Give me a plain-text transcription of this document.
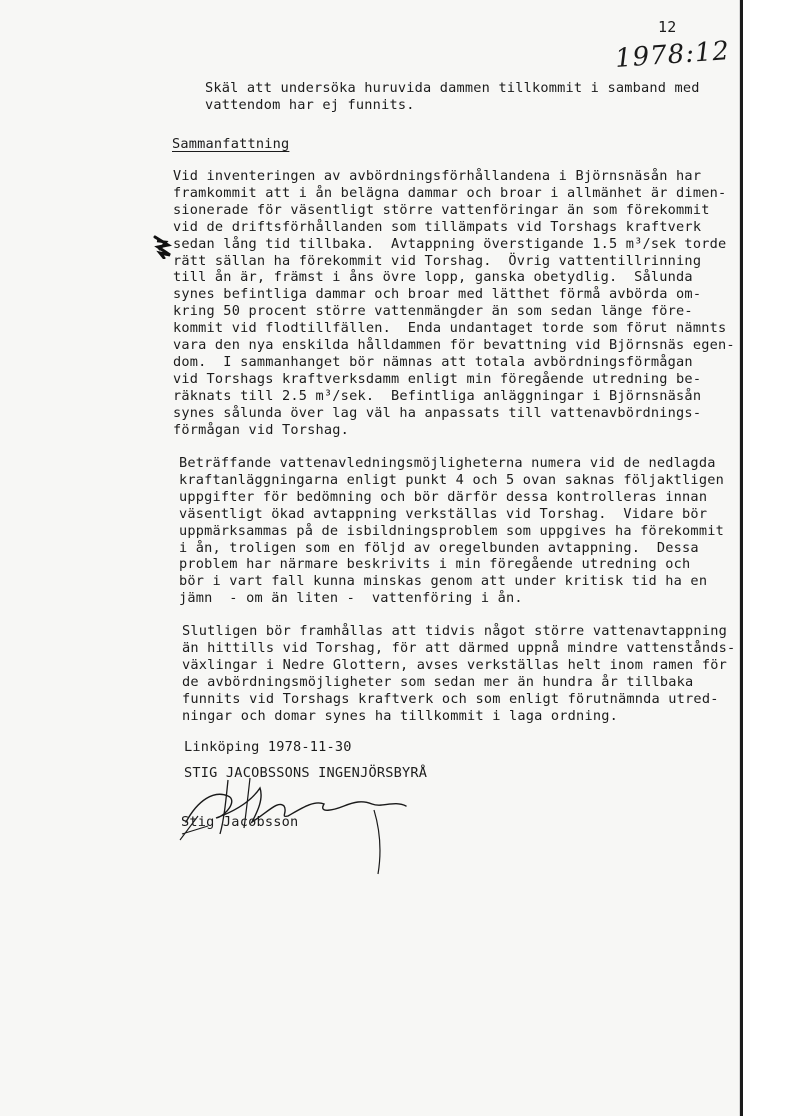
12
1978:12
Skäl att undersöka huruvida dammen tillkommit i samband med
vattendom har ej funnits.
Sammanfattning
Vid inventeringen av avbördningsförhållandena i Björnsnäsån har
framkommit att i ån belägna dammar och broar i allmänhet är dimen-
sionerade för väsentligt större vattenföringar än som förekommit
vid de driftsförhållanden som tillämpats vid Torshags kraftverk
sedan lång tid tillbaka.  Avtappning överstigande 1.5 m³/sek torde
rätt sällan ha förekommit vid Torshag.  Övrig vattentillrinning
till ån är, främst i åns övre lopp, ganska obetydlig.  Sålunda
synes befintliga dammar och broar med lätthet förmå avbörda om-
kring 50 procent större vattenmängder än som sedan länge före-
kommit vid flodtillfällen.  Enda undantaget torde som förut nämnts
vara den nya enskilda hålldammen för bevattning vid Björnsnäs egen-
dom.  I sammanhanget bör nämnas att totala avbördningsförmågan
vid Torshags kraftverksdamm enligt min föregående utredning be-
räknats till 2.5 m³/sek.  Befintliga anläggningar i Björnsnäsån
synes sålunda över lag väl ha anpassats till vattenavbördnings-
förmågan vid Torshag.
Beträffande vattenavledningsmöjligheterna numera vid de nedlagda
kraftanläggningarna enligt punkt 4 och 5 ovan saknas följaktligen
uppgifter för bedömning och bör därför dessa kontrolleras innan
väsentligt ökad avtappning verkställas vid Torshag.  Vidare bör
uppmärksammas på de isbildningsproblem som uppgives ha förekommit
i ån, troligen som en följd av oregelbunden avtappning.  Dessa
problem har närmare beskrivits i min föregående utredning och
bör i vart fall kunna minskas genom att under kritisk tid ha en
jämn  - om än liten -  vattenföring i ån.
Slutligen bör framhållas att tidvis något större vattenavtappning
än hittills vid Torshag, för att därmed uppnå mindre vattenstånds-
växlingar i Nedre Glottern, avses verkställas helt inom ramen för
de avbördningsmöjligheter som sedan mer än hundra år tillbaka
funnits vid Torshags kraftverk och som enligt förutnämnda utred-
ningar och domar synes ha tillkommit i laga ordning.
Linköping 1978-11-30
STIG JACOBSSONS INGENJÖRSBYRÅ
Stig Jacobsson
